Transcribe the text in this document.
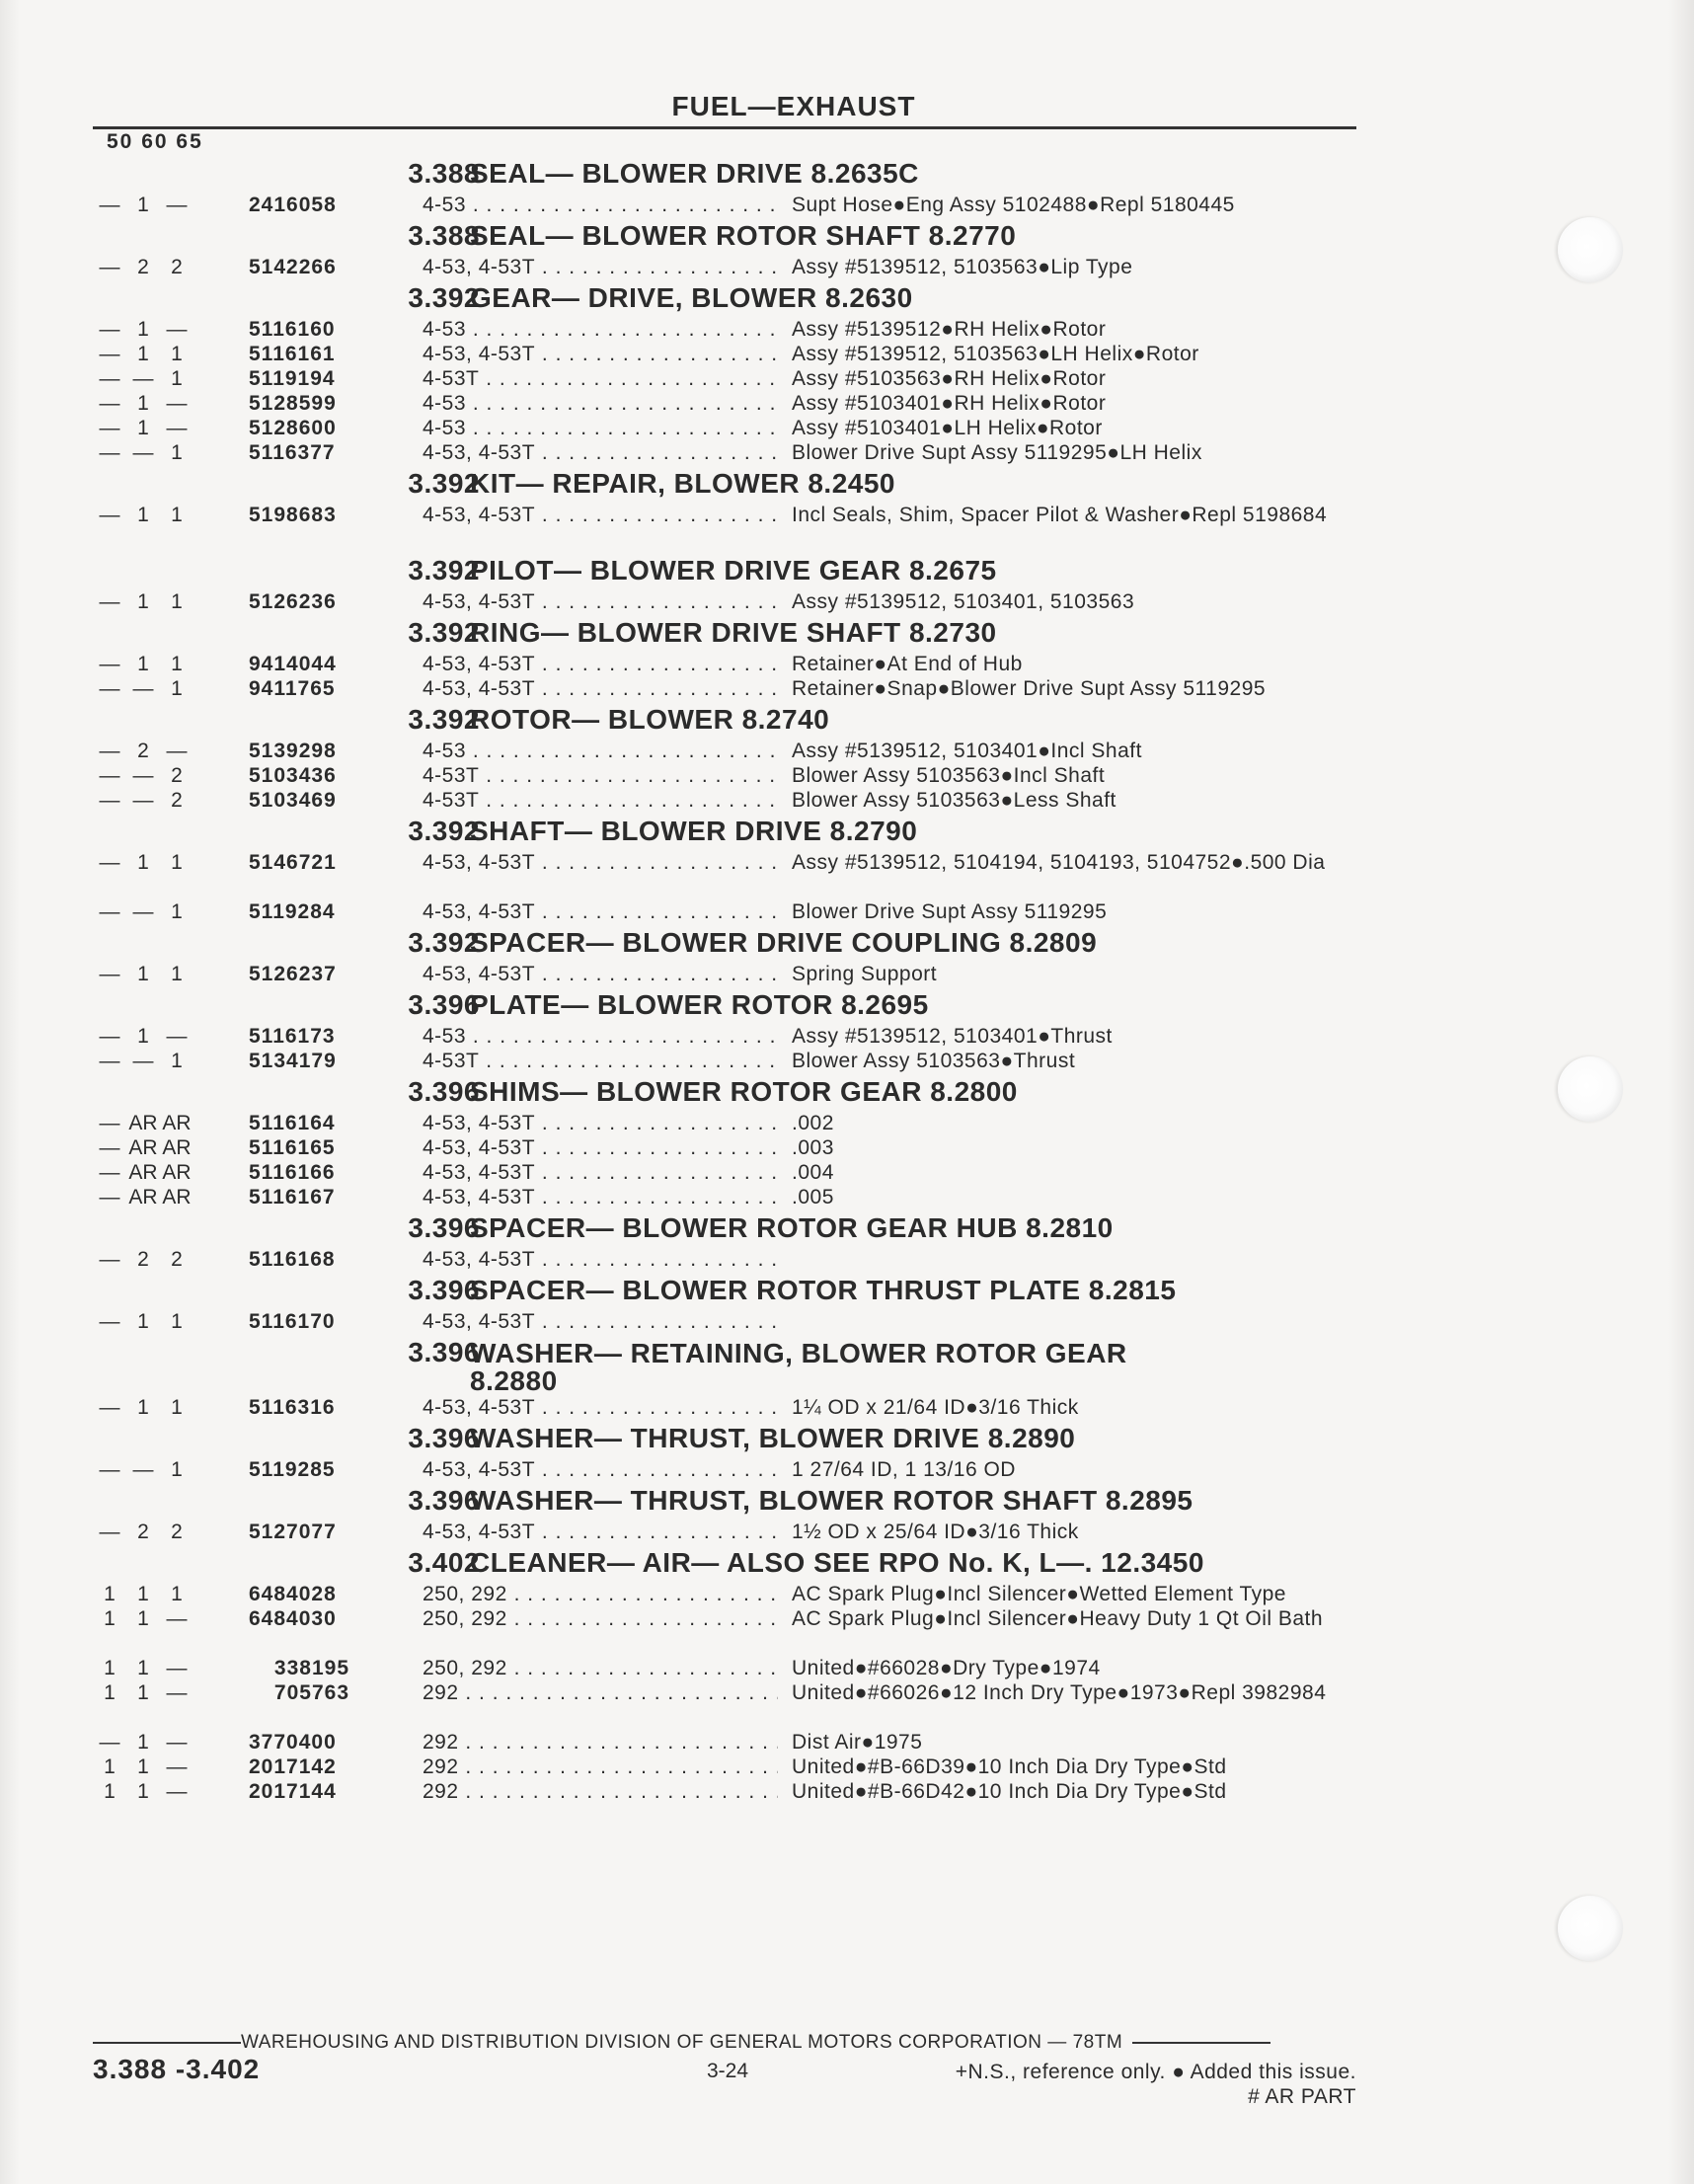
FUEL—EXHAUST
50 60 65
3.388
SEAL— BLOWER DRIVE 8.2635C
— 1 —	2416058	4-53 . . .	Supt Hose●Eng Assy 5102488●Repl 5180445
3.388
SEAL— BLOWER ROTOR SHAFT 8.2770
— 2 2	5142266	4-53, 4-53T . . .	Assy #5139512, 5103563●Lip Type
3.392
GEAR— DRIVE, BLOWER 8.2630
— 1 —	5116160	4-53 . . .	Assy #5139512●RH Helix●Rotor
— 1 1	5116161	4-53, 4-53T . . .	Assy #5139512, 5103563●LH Helix●Rotor
— — 1	5119194	4-53T . . .	Assy #5103563●RH Helix●Rotor
— 1 —	5128599	4-53 . . .	Assy #5103401●RH Helix●Rotor
— 1 —	5128600	4-53 . . .	Assy #5103401●LH Helix●Rotor
— — 1	5116377	4-53, 4-53T . . .	Blower Drive Supt Assy 5119295●LH Helix
3.392
KIT— REPAIR, BLOWER 8.2450
— 1 1	5198683	4-53, 4-53T . . .	Incl Seals, Shim, Spacer Pilot & Washer●Repl 5198684
3.392
PILOT— BLOWER DRIVE GEAR 8.2675
— 1 1	5126236	4-53, 4-53T . . .	Assy #5139512, 5103401, 5103563
3.392
RING— BLOWER DRIVE SHAFT 8.2730
— 1 1	9414044	4-53, 4-53T . . .	Retainer●At End of Hub
— — 1	9411765	4-53, 4-53T . . .	Retainer●Snap●Blower Drive Supt Assy 5119295
3.392
ROTOR— BLOWER 8.2740
— 2 —	5139298	4-53 . . .	Assy #5139512, 5103401●Incl Shaft
— — 2	5103436	4-53T . . .	Blower Assy 5103563●Incl Shaft
— — 2	5103469	4-53T . . .	Blower Assy 5103563●Less Shaft
3.392
SHAFT— BLOWER DRIVE 8.2790
— 1 1	5146721	4-53, 4-53T . . .	Assy #5139512, 5104194, 5104193, 5104752●.500 Dia
— — 1	5119284	4-53, 4-53T . . .	Blower Drive Supt Assy 5119295
3.392
SPACER— BLOWER DRIVE COUPLING 8.2809
— 1 1	5126237	4-53, 4-53T . . .	Spring Support
3.396
PLATE— BLOWER ROTOR 8.2695
— 1 —	5116173	4-53 . . .	Assy #5139512, 5103401●Thrust
— — 1	5134179	4-53T . . .	Blower Assy 5103563●Thrust
3.396
SHIMS— BLOWER ROTOR GEAR 8.2800
— AR AR	5116164	4-53, 4-53T . . .	.002
— AR AR	5116165	4-53, 4-53T . . .	.003
— AR AR	5116166	4-53, 4-53T . . .	.004
— AR AR	5116167	4-53, 4-53T . . .	.005
3.396
SPACER— BLOWER ROTOR GEAR HUB 8.2810
— 2 2	5116168	4-53, 4-53T . . .
3.396
SPACER— BLOWER ROTOR THRUST PLATE 8.2815
— 1 1	5116170	4-53, 4-53T . . .
3.396
WASHER— RETAINING, BLOWER ROTOR GEAR 8.2880
— 1 1	5116316	4-53, 4-53T . . .	1¼ OD x 21/64 ID●3/16 Thick
3.396
WASHER— THRUST, BLOWER DRIVE 8.2890
— — 1	5119285	4-53, 4-53T . . .	1 27/64 ID, 1 13/16 OD
3.396
WASHER— THRUST, BLOWER ROTOR SHAFT 8.2895
— 2 2	5127077	4-53, 4-53T . . .	1½ OD x 25/64 ID●3/16 Thick
3.402
CLEANER— AIR— ALSO SEE RPO No. K, L—. 12.3450
1 1 1	6484028	250, 292 . . .	AC Spark Plug●Incl Silencer●Wetted Element Type
1 1 —	6484030	250, 292 . . .	AC Spark Plug●Incl Silencer●Heavy Duty 1 Qt Oil Bath
1 1 —	338195	250, 292 . . .	United●#66028●Dry Type●1974
1 1 —	705763	292 . . .	United●#66026●12 Inch Dry Type●1973●Repl 3982984
— 1 —	3770400	292 . . .	Dist Air●1975
1 1 —	2017142	292 . . .	United●#B-66D39●10 Inch Dia Dry Type●Std
1 1 —	2017144	292 . . .	United●#B-66D42●10 Inch Dia Dry Type●Std
WAREHOUSING AND DISTRIBUTION DIVISION OF GENERAL MOTORS CORPORATION — 78TM
3.388 -3.402	3-24	+N.S., reference only. ● Added this issue.
# AR PART
